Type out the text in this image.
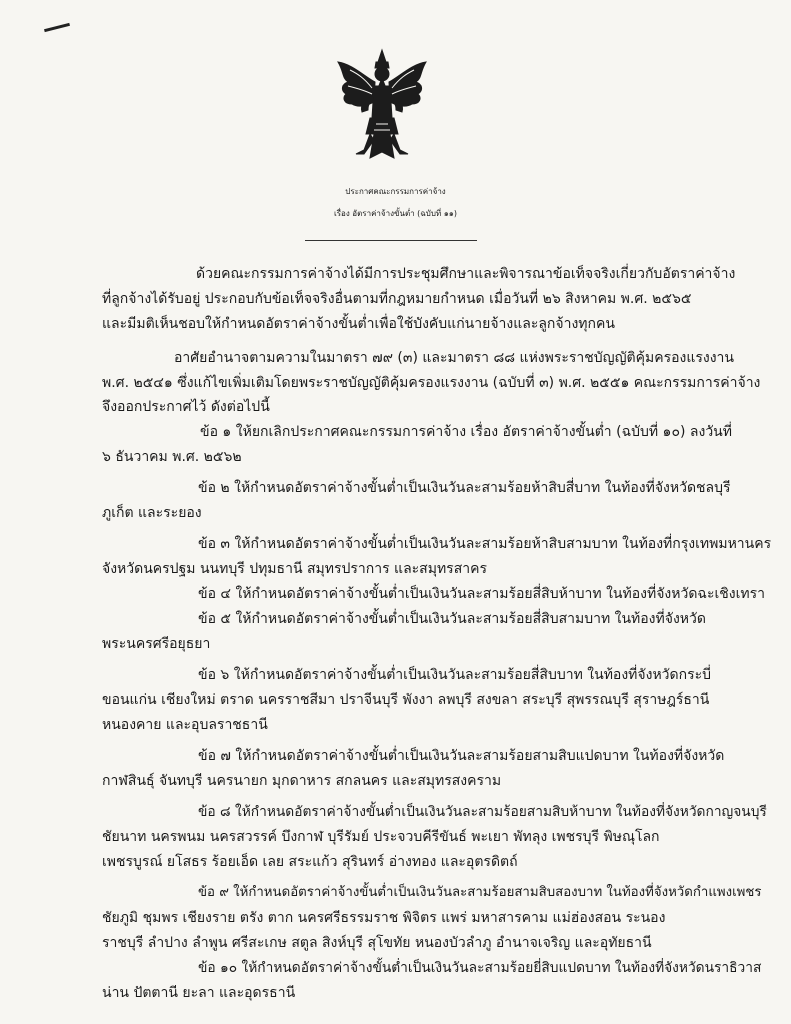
ประกาศคณะกรรมการค่าจ้าง
เรื่อง อัตราค่าจ้างขั้นต่ำ (ฉบับที่ ๑๑)
ด้วยคณะกรรมการค่าจ้างได้มีการประชุมศึกษาและพิจารณาข้อเท็จจริงเกี่ยวกับอัตราค่าจ้าง
ที่ลูกจ้างได้รับอยู่ ประกอบกับข้อเท็จจริงอื่นตามที่กฎหมายกำหนด เมื่อวันที่ ๒๖ สิงหาคม พ.ศ. ๒๕๖๕
และมีมติเห็นชอบให้กำหนดอัตราค่าจ้างขั้นต่ำเพื่อใช้บังคับแก่นายจ้างและลูกจ้างทุกคน
อาศัยอำนาจตามความในมาตรา ๗๙ (๓) และมาตรา ๘๘ แห่งพระราชบัญญัติคุ้มครองแรงงาน
พ.ศ. ๒๕๔๑ ซึ่งแก้ไขเพิ่มเติมโดยพระราชบัญญัติคุ้มครองแรงงาน (ฉบับที่ ๓) พ.ศ. ๒๕๕๑ คณะกรรมการค่าจ้าง
จึงออกประกาศไว้ ดังต่อไปนี้
ข้อ ๑ ให้ยกเลิกประกาศคณะกรรมการค่าจ้าง เรื่อง อัตราค่าจ้างขั้นต่ำ (ฉบับที่ ๑๐) ลงวันที่
๖ ธันวาคม พ.ศ. ๒๕๖๒
ข้อ ๒ ให้กำหนดอัตราค่าจ้างขั้นต่ำเป็นเงินวันละสามร้อยห้าสิบสี่บาท ในท้องที่จังหวัดชลบุรี
ภูเก็ต และระยอง
ข้อ ๓ ให้กำหนดอัตราค่าจ้างขั้นต่ำเป็นเงินวันละสามร้อยห้าสิบสามบาท ในท้องที่กรุงเทพมหานคร
จังหวัดนครปฐม นนทบุรี ปทุมธานี สมุทรปราการ และสมุทรสาคร
ข้อ ๔ ให้กำหนดอัตราค่าจ้างขั้นต่ำเป็นเงินวันละสามร้อยสี่สิบห้าบาท ในท้องที่จังหวัดฉะเชิงเทรา
ข้อ ๕ ให้กำหนดอัตราค่าจ้างขั้นต่ำเป็นเงินวันละสามร้อยสี่สิบสามบาท ในท้องที่จังหวัด
พระนครศรีอยุธยา
ข้อ ๖ ให้กำหนดอัตราค่าจ้างขั้นต่ำเป็นเงินวันละสามร้อยสี่สิบบาท ในท้องที่จังหวัดกระบี่
ขอนแก่น เชียงใหม่ ตราด นครราชสีมา ปราจีนบุรี พังงา ลพบุรี สงขลา สระบุรี สุพรรณบุรี สุราษฎร์ธานี
หนองคาย และอุบลราชธานี
ข้อ ๗ ให้กำหนดอัตราค่าจ้างขั้นต่ำเป็นเงินวันละสามร้อยสามสิบแปดบาท ในท้องที่จังหวัด
กาฬสินธุ์ จันทบุรี นครนายก มุกดาหาร สกลนคร และสมุทรสงคราม
ข้อ ๘ ให้กำหนดอัตราค่าจ้างขั้นต่ำเป็นเงินวันละสามร้อยสามสิบห้าบาท ในท้องที่จังหวัดกาญจนบุรี
ชัยนาท นครพนม นครสวรรค์ บึงกาฬ บุรีรัมย์ ประจวบคีรีขันธ์ พะเยา พัทลุง เพชรบุรี พิษณุโลก
เพชรบูรณ์ ยโสธร ร้อยเอ็ด เลย สระแก้ว สุรินทร์ อ่างทอง และอุตรดิตถ์
ข้อ ๙ ให้กำหนดอัตราค่าจ้างขั้นต่ำเป็นเงินวันละสามร้อยสามสิบสองบาท ในท้องที่จังหวัดกำแพงเพชร
ชัยภูมิ ชุมพร เชียงราย ตรัง ตาก นครศรีธรรมราช พิจิตร แพร่ มหาสารคาม แม่ฮ่องสอน ระนอง
ราชบุรี ลำปาง ลำพูน ศรีสะเกษ สตูล สิงห์บุรี สุโขทัย หนองบัวลำภู อำนาจเจริญ และอุทัยธานี
ข้อ ๑๐ ให้กำหนดอัตราค่าจ้างขั้นต่ำเป็นเงินวันละสามร้อยยี่สิบแปดบาท ในท้องที่จังหวัดนราธิวาส
น่าน ปัตตานี ยะลา และอุดรธานี
